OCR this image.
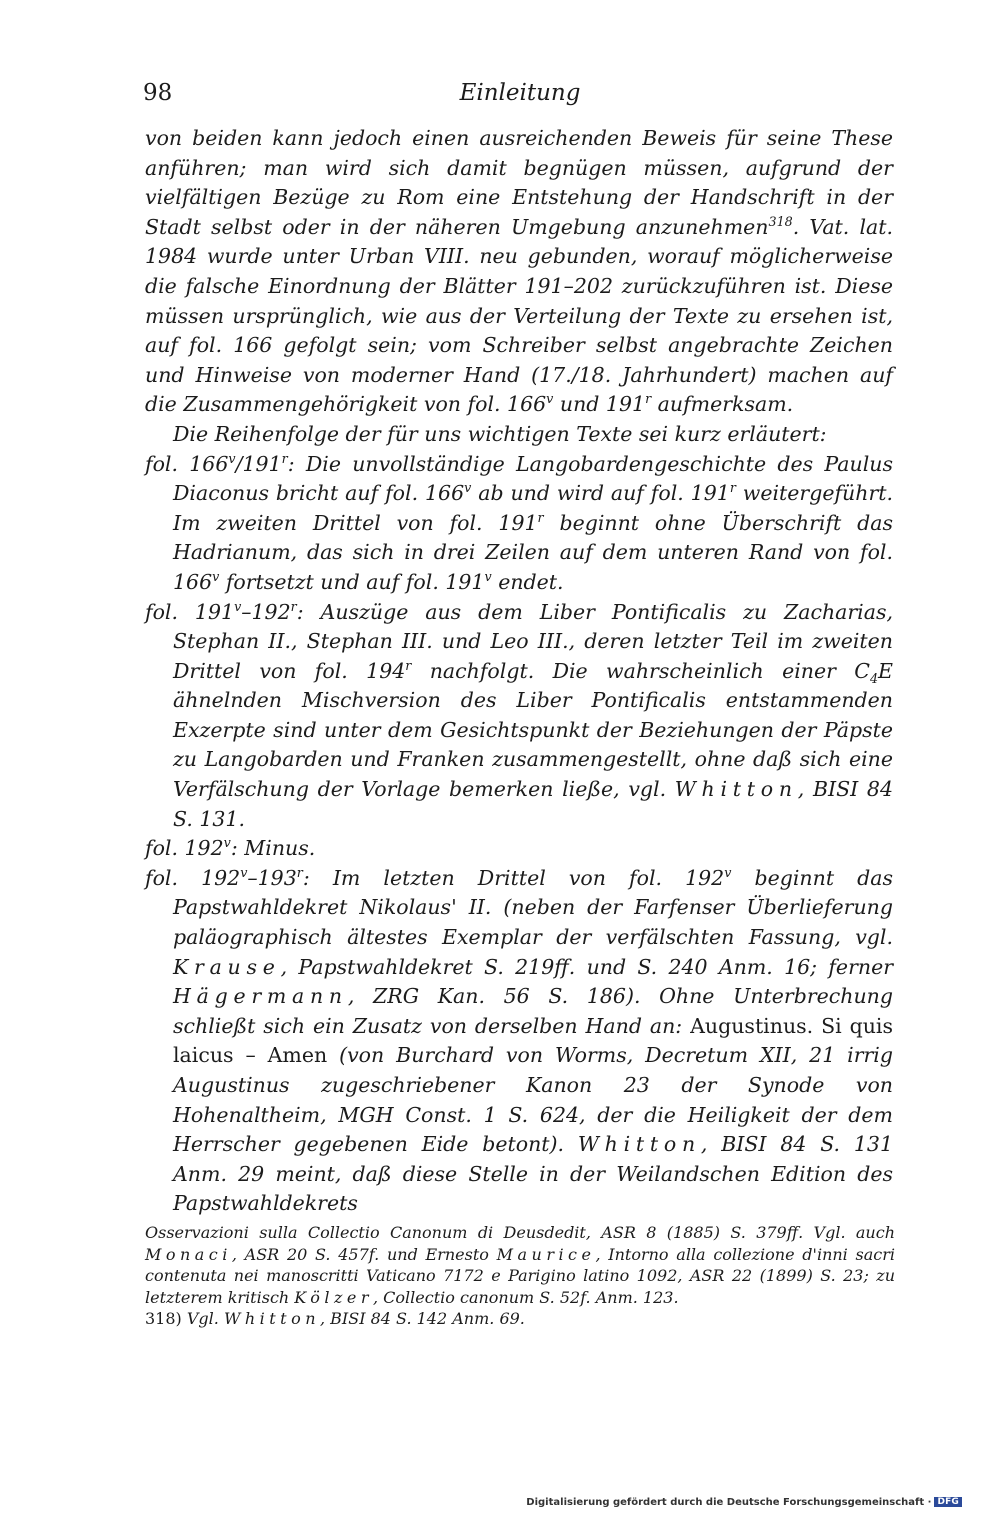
98	Einleitung

von beiden kann jedoch einen ausreichenden Beweis für seine These anführen; man wird sich damit begnügen müssen, aufgrund der vielfältigen Bezüge zu Rom eine Entstehung der Handschrift in der Stadt selbst oder in der näheren Umgebung anzunehmen$^{318}$. Vat. lat. 1984 wurde unter Urban VIII. neu gebunden, worauf möglicherweise die falsche Einordnung der Blätter 191–202 zurückzuführen ist. Diese müssen ursprünglich, wie aus der Verteilung der Texte zu ersehen ist, auf fol. 166 gefolgt sein; vom Schreiber selbst angebrachte Zeichen und Hinweise von moderner Hand (17./18. Jahrhundert) machen auf die Zusammengehörigkeit von fol. 166$^v$ und 191$^r$ aufmerksam.

Die Reihenfolge der für uns wichtigen Texte sei kurz erläutert:

fol. 166$^v$/191$^r$: Die unvollständige Langobardengeschichte des Paulus Diaconus bricht auf fol. 166$^v$ ab und wird auf fol. 191$^r$ weitergeführt. Im zweiten Drittel von fol. 191$^r$ beginnt ohne Überschrift das Hadrianum, das sich in drei Zeilen auf dem unteren Rand von fol. 166$^v$ fortsetzt und auf fol. 191$^v$ endet.

fol. 191$^v$–192$^r$: Auszüge aus dem Liber Pontificalis zu Zacharias, Stephan II., Stephan III. und Leo III., deren letzter Teil im zweiten Drittel von fol. 194$^r$ nachfolgt. Die wahrscheinlich einer $C_4E$ ähnelnden Mischversion des Liber Pontificalis entstammenden Exzerpte sind unter dem Gesichtspunkt der Beziehungen der Päpste zu Langobarden und Franken zusammengestellt, ohne daß sich eine Verfälschung der Vorlage bemerken ließe, vgl. Whitton, BISI 84 S. 131.

fol. 192$^v$: Minus.

fol. 192$^v$–193$^r$: Im letzten Drittel von fol. 192$^v$ beginnt das Papstwahldekret Nikolaus' II. (neben der Farfenser Überlieferung paläographisch ältestes Exemplar der verfälschten Fassung, vgl. Krause, Papstwahldekret S. 219ff. und S. 240 Anm. 16; ferner Hägermann, ZRG Kan. 56 S. 186). Ohne Unterbrechung schließt sich ein Zusatz von derselben Hand an: Augustinus. Si quis laicus – Amen (von Burchard von Worms, Decretum XII, 21 irrig Augustinus zugeschriebener Kanon 23 der Synode von Hohenaltheim, MGH Const. 1 S. 624, der die Heiligkeit der dem Herrscher gegebenen Eide betont). Whitton, BISI 84 S. 131 Anm. 29 meint, daß diese Stelle in der Weilandschen Edition des Papstwahldekrets

Osservazioni sulla Collectio Canonum di Deusdedit, ASR 8 (1885) S. 379ff. Vgl. auch Monaci, ASR 20 S. 457f. und Ernesto Maurice, Intorno alla collezione d'inni sacri contenuta nei manoscritti Vaticano 7172 e Parigino latino 1092, ASR 22 (1899) S. 23; zu letzterem kritisch Kölzer, Collectio canonum S. 52f. Anm. 123.

318) Vgl. Whitton, BISI 84 S. 142 Anm. 69.

Digitalisierung gefördert durch die Deutsche Forschungsgemeinschaft · DFG
